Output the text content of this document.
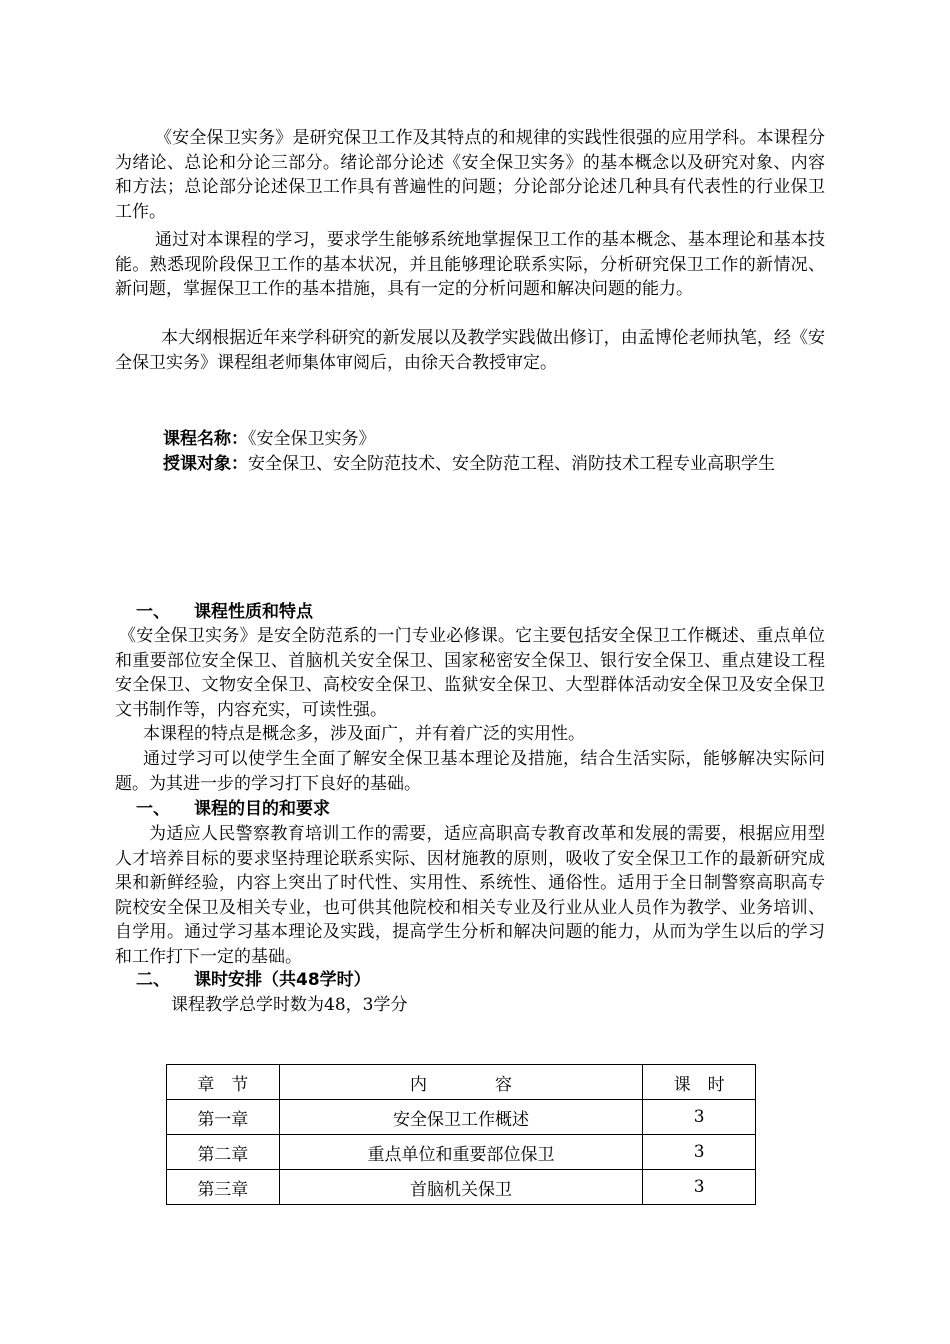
《安全保卫实务》是研究保卫工作及其特点的和规律的实践性很强的应用学科。本课程分为绪论、总论和分论三部分。绪论部分论述《安全保卫实务》的基本概念以及研究对象、内容和方法；总论部分论述保卫工作具有普遍性的问题；分论部分论述几种具有代表性的行业保卫工作。

通过对本课程的学习，要求学生能够系统地掌握保卫工作的基本概念、基本理论和基本技能。熟悉现阶段保卫工作的基本状况，并且能够理论联系实际，分析研究保卫工作的新情况、新问题，掌握保卫工作的基本措施，具有一定的分析问题和解决问题的能力。

本大纲根据近年来学科研究的新发展以及教学实践做出修订，由孟博伦老师执笔，经《安全保卫实务》课程组老师集体审阅后，由徐天合教授审定。

课程名称：《安全保卫实务》

授课对象：安全保卫、安全防范技术、安全防范工程、消防技术工程专业高职学生

一、 课程性质和特点

《安全保卫实务》是安全防范系的一门专业必修课。它主要包括安全保卫工作概述、重点单位和重要部位安全保卫、首脑机关安全保卫、国家秘密安全保卫、银行安全保卫、重点建设工程安全保卫、文物安全保卫、高校安全保卫、监狱安全保卫、大型群体活动安全保卫及安全保卫文书制作等，内容充实，可读性强。

本课程的特点是概念多，涉及面广，并有着广泛的实用性。

通过学习可以使学生全面了解安全保卫基本理论及措施，结合生活实际，能够解决实际问题。为其进一步的学习打下良好的基础。

一、 课程的目的和要求

为适应人民警察教育培训工作的需要，适应高职高专教育改革和发展的需要，根据应用型人才培养目标的要求坚持理论联系实际、因材施教的原则，吸收了安全保卫工作的最新研究成果和新鲜经验，内容上突出了时代性、实用性、系统性、通俗性。适用于全日制警察高职高专院校安全保卫及相关专业，也可供其他院校和相关专业及行业从业人员作为教学、业务培训、自学用。通过学习基本理论及实践，提高学生分析和解决问题的能力，从而为学生以后的学习和工作打下一定的基础。

二、 课时安排（共48学时）

课程教学总学时数为48，3学分

章　节	内　　　　容	课　时
第一章	安全保卫工作概述	3
第二章	重点单位和重要部位保卫	3
第三章	首脑机关保卫	3
